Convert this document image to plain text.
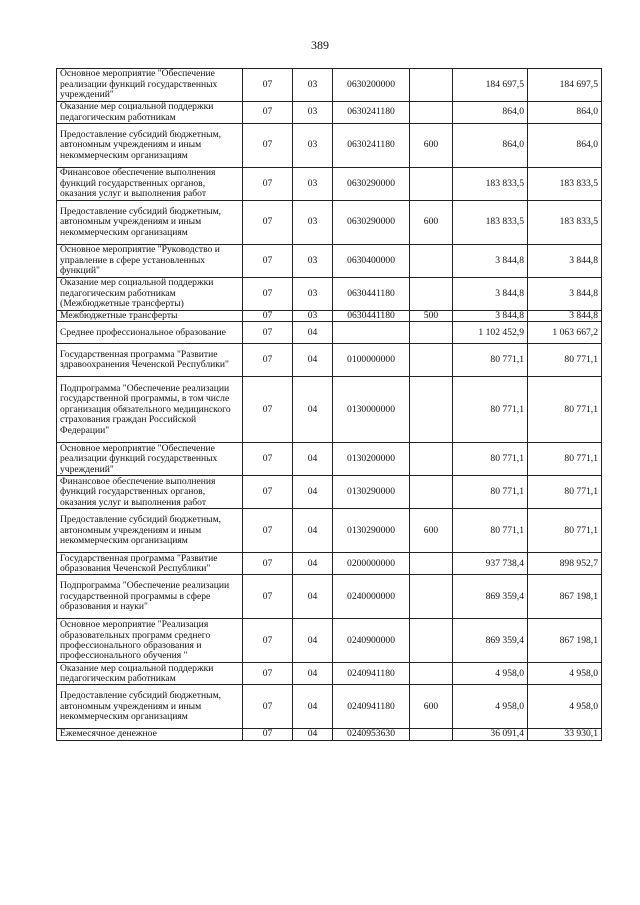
389
Основное мероприятие "Обеспечение реализации функций государственных учреждений"	07	03	0630200000		184 697,5	184 697,5
Оказание мер социальной поддержки педагогическим работникам	07	03	0630241180		864,0	864,0
Предоставление субсидий бюджетным, автономным учреждениям и иным некоммерческим организациям	07	03	0630241180	600	864,0	864,0
Финансовое обеспечение выполнения функций государственных органов, оказания услуг и выполнения работ	07	03	0630290000		183 833,5	183 833,5
Предоставление субсидий бюджетным, автономным учреждениям и иным некоммерческим организациям	07	03	0630290000	600	183 833,5	183 833,5
Основное мероприятие "Руководство и управление в сфере установленных функций"	07	03	0630400000		3 844,8	3 844,8
Оказание мер социальной поддержки педагогическим работникам (Межбюджетные трансферты)	07	03	0630441180		3 844,8	3 844,8
Межбюджетные трансферты	07	03	0630441180	500	3 844,8	3 844,8
Среднее профессиональное образование	07	04			1 102 452,9	1 063 667,2
Государственная программа "Развитие здравоохранения Чеченской Республики"	07	04	0100000000		80 771,1	80 771,1
Подпрограмма "Обеспечение реализации государственной программы, в том числе организация обязательного медицинского страхования граждан Российской Федерации"	07	04	0130000000		80 771,1	80 771,1
Основное мероприятие "Обеспечение реализации функций государственных учреждений"	07	04	0130200000		80 771,1	80 771,1
Финансовое обеспечение выполнения функций государственных органов, оказания услуг и выполнения работ	07	04	0130290000		80 771,1	80 771,1
Предоставление субсидий бюджетным, автономным учреждениям и иным некоммерческим организациям	07	04	0130290000	600	80 771,1	80 771,1
Государственная программа "Развитие образования Чеченской Республики"	07	04	0200000000		937 738,4	898 952,7
Подпрограмма "Обеспечение реализации государственной программы в сфере образования и науки"	07	04	0240000000		869 359,4	867 198,1
Основное мероприятие "Реализация образовательных программ среднего профессионального образования и профессионального обучения "	07	04	0240900000		869 359,4	867 198,1
Оказание мер социальной поддержки педагогическим работникам	07	04	0240941180		4 958,0	4 958,0
Предоставление субсидий бюджетным, автономным учреждениям и иным некоммерческим организациям	07	04	0240941180	600	4 958,0	4 958,0
Ежемесячное денежное	07	04	0240953630		36 091,4	33 930,1
